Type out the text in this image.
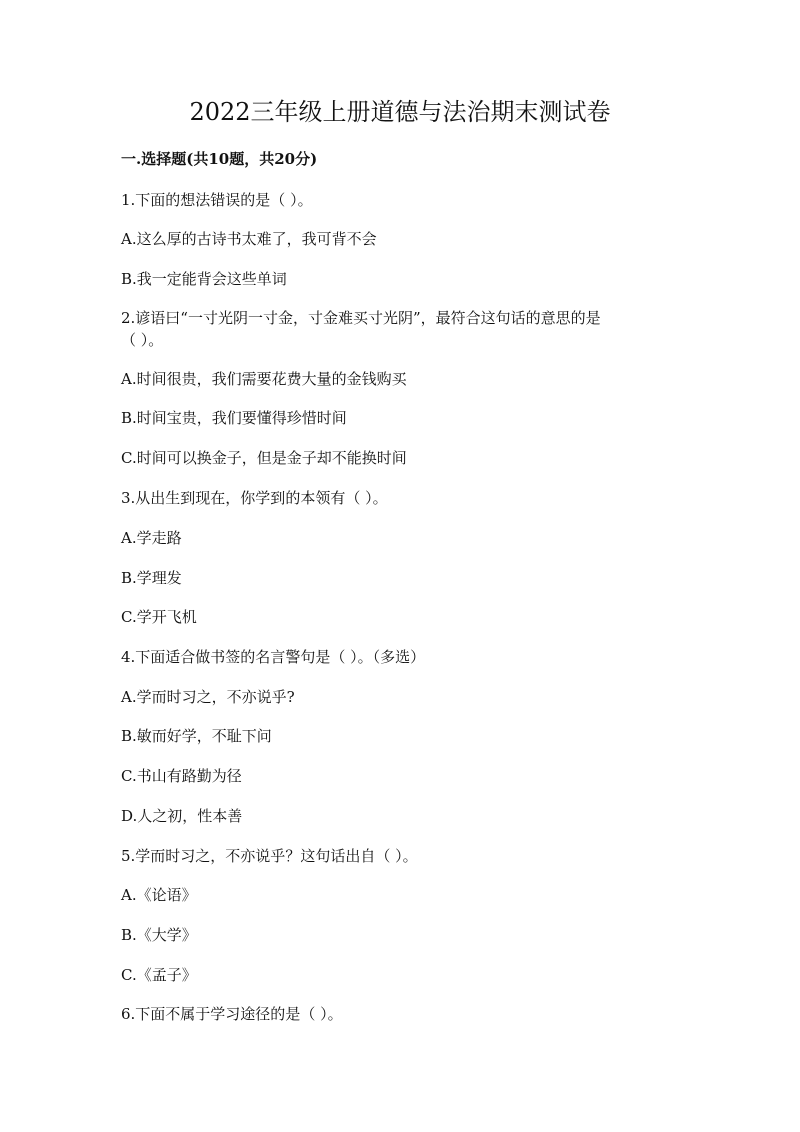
2022三年级上册道德与法治期末测试卷
一.选择题(共10题，共20分)
1.下面的想法错误的是（ ）。
A.这么厚的古诗书太难了，我可背不会
B.我一定能背会这些单词
2.谚语曰“一寸光阴一寸金，寸金难买寸光阴”，最符合这句话的意思的是
（ ）。
A.时间很贵，我们需要花费大量的金钱购买
B.时间宝贵，我们要懂得珍惜时间
C.时间可以换金子，但是金子却不能换时间
3.从出生到现在，你学到的本领有（ ）。
A.学走路
B.学理发
C.学开飞机
4.下面适合做书签的名言警句是（ ）。（多选）
A.学而时习之，不亦说乎?
B.敏而好学，不耻下问
C.书山有路勤为径
D.人之初，性本善
5.学而时习之，不亦说乎？这句话出自（ ）。
A.《论语》
B.《大学》
C.《孟子》
6.下面不属于学习途径的是（ ）。
